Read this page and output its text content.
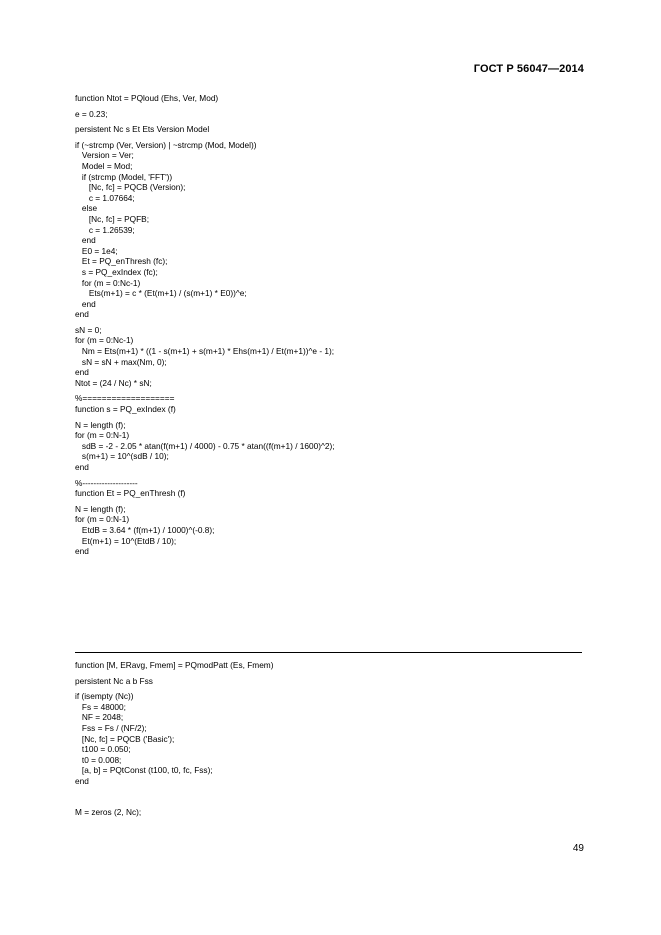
ГОСТ Р 56047—2014
function Ntot = PQloud (Ehs, Ver, Mod)
e = 0.23;
persistent Nc s Et Ets Version Model
if (~strcmp (Ver, Version) | ~strcmp (Mod, Model))
Version = Ver;
Model = Mod;
if (strcmp (Model, 'FFT'))
[Nc, fc] = PQCB (Version);
c = 1.07664;
else
[Nc, fc] = PQFB;
c = 1.26539;
end
E0 = 1e4;
Et = PQ_enThresh (fc);
s = PQ_exIndex (fc);
for (m = 0:Nc-1)
Ets(m+1) = c * (Et(m+1) / (s(m+1) * E0))^e;
end
end
sN = 0;
for (m = 0:Nc-1)
Nm = Ets(m+1) * ((1 - s(m+1) + s(m+1) * Ehs(m+1) / Et(m+1))^e - 1);
sN = sN + max(Nm, 0);
end
Ntot = (24 / Nc) * sN;
%===================
function s = PQ_exIndex (f)
N = length (f);
for (m = 0:N-1)
sdB = -2 - 2.05 * atan(f(m+1) / 4000) - 0.75 * atan((f(m+1) / 1600)^2);
s(m+1) = 10^(sdB / 10);
end
%--------------------
function Et = PQ_enThresh (f)
N = length (f);
for (m = 0:N-1)
EtdB = 3.64 * (f(m+1) / 1000)^(-0.8);
Et(m+1) = 10^(EtdB / 10);
end
function [M, ERavg, Fmem] = PQmodPatt (Es, Fmem)
persistent Nc a b Fss
if (isempty (Nc))
Fs = 48000;
NF = 2048;
Fss = Fs / (NF/2);
[Nc, fc] = PQCB ('Basic');
t100 = 0.050;
t0 = 0.008;
[a, b] = PQtConst (t100, t0, fc, Fss);
end
M = zeros (2, Nc);
49
